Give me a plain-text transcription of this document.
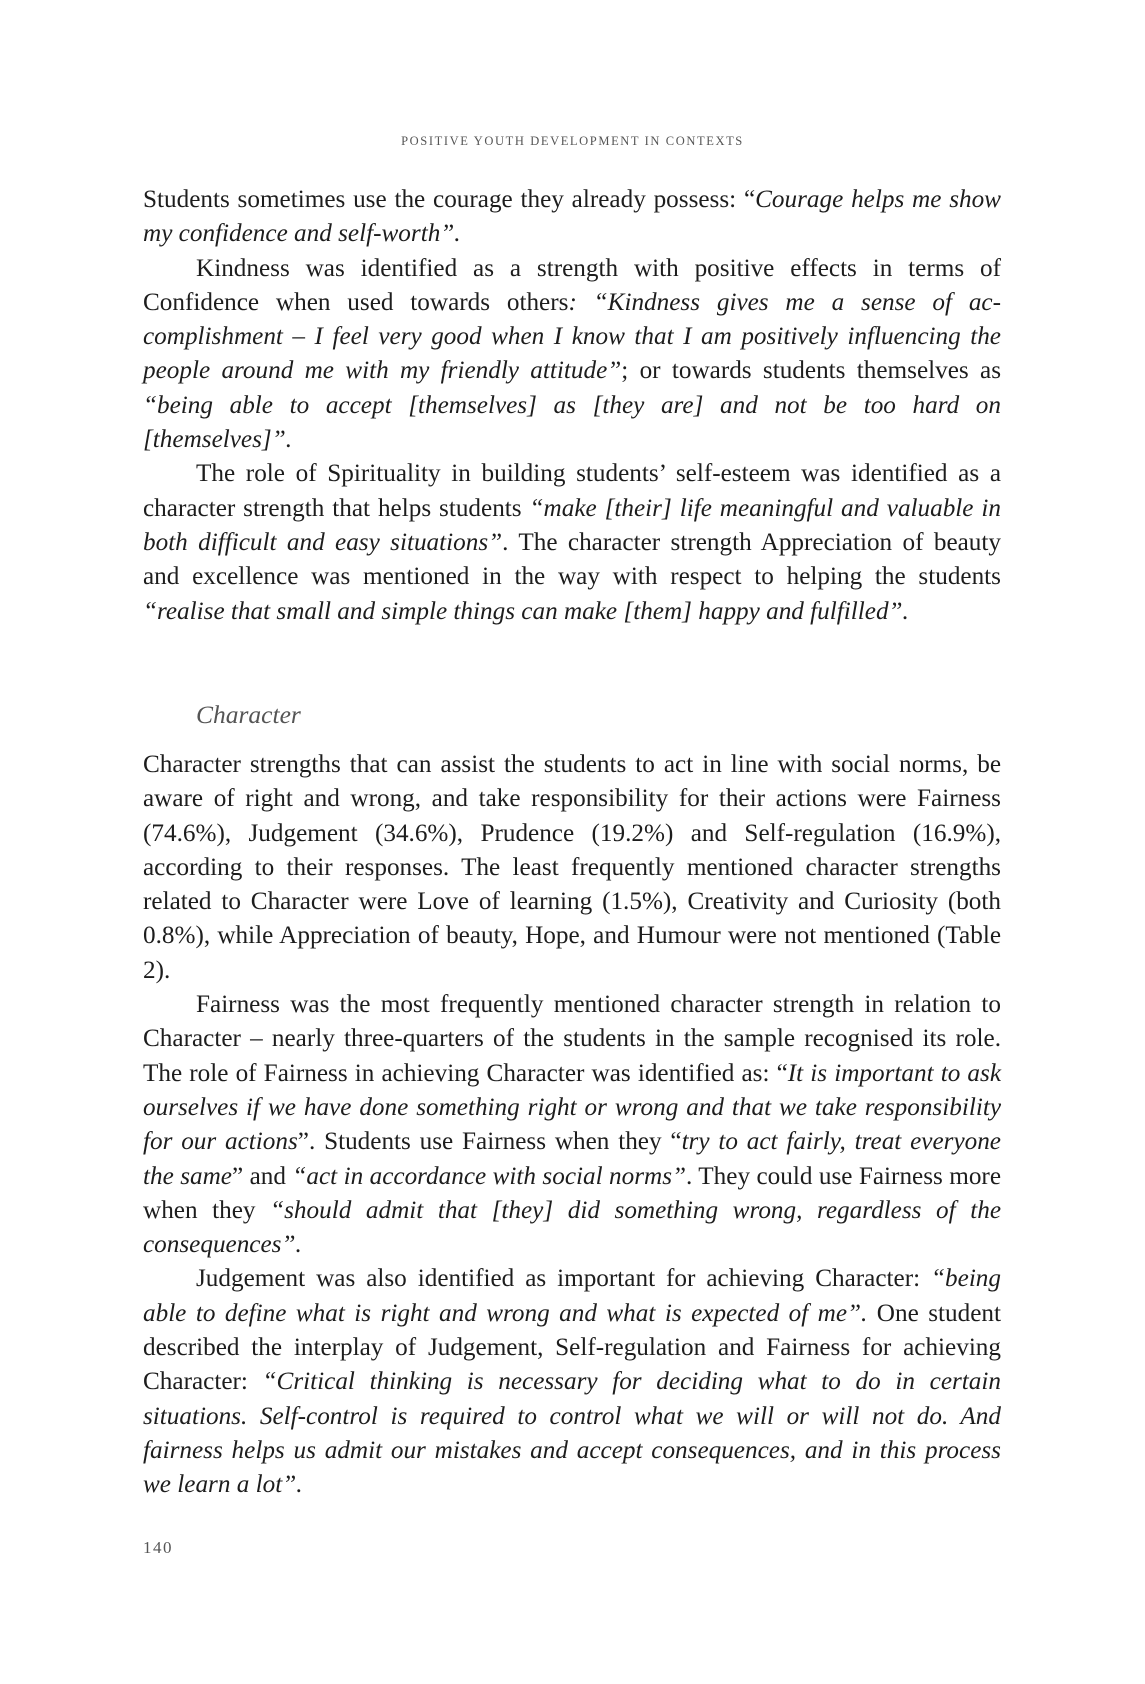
POSITIVE YOUTH DEVELOPMENT IN CONTEXTS

Students sometimes use the courage they already possess: “Courage helps me show my confidence and self-worth”.

Kindness was identified as a strength with positive effects in terms of Confidence when used towards others: “Kindness gives me a sense of accomplishment – I feel very good when I know that I am positively influencing the people around me with my friendly attitude”; or towards students themselves as “being able to accept [themselves] as [they are] and not be too hard on [themselves]”.

The role of Spirituality in building students’ self-esteem was identified as a character strength that helps students “make [their] life meaningful and valuable in both difficult and easy situations”. The character strength Appreciation of beauty and excellence was mentioned in the way with respect to helping the students “realise that small and simple things can make [them] happy and fulfilled”.

Character

Character strengths that can assist the students to act in line with social norms, be aware of right and wrong, and take responsibility for their actions were Fairness (74.6%), Judgement (34.6%), Prudence (19.2%) and Self-regulation (16.9%), according to their responses. The least frequently mentioned character strengths related to Character were Love of learning (1.5%), Creativity and Curiosity (both 0.8%), while Appreciation of beauty, Hope, and Humour were not mentioned (Table 2).

Fairness was the most frequently mentioned character strength in relation to Character – nearly three-quarters of the students in the sample recognised its role. The role of Fairness in achieving Character was identified as: “It is important to ask ourselves if we have done something right or wrong and that we take responsibility for our actions”. Students use Fairness when they “try to act fairly, treat everyone the same” and “act in accordance with social norms”. They could use Fairness more when they “should admit that [they] did something wrong, regardless of the consequences”.

Judgement was also identified as important for achieving Character: “being able to define what is right and wrong and what is expected of me”. One student described the interplay of Judgement, Self-regulation and Fairness for achieving Character: “Critical thinking is necessary for deciding what to do in certain situations. Self-control is required to control what we will or will not do. And fairness helps us admit our mistakes and accept consequences, and in this process we learn a lot”.

140
